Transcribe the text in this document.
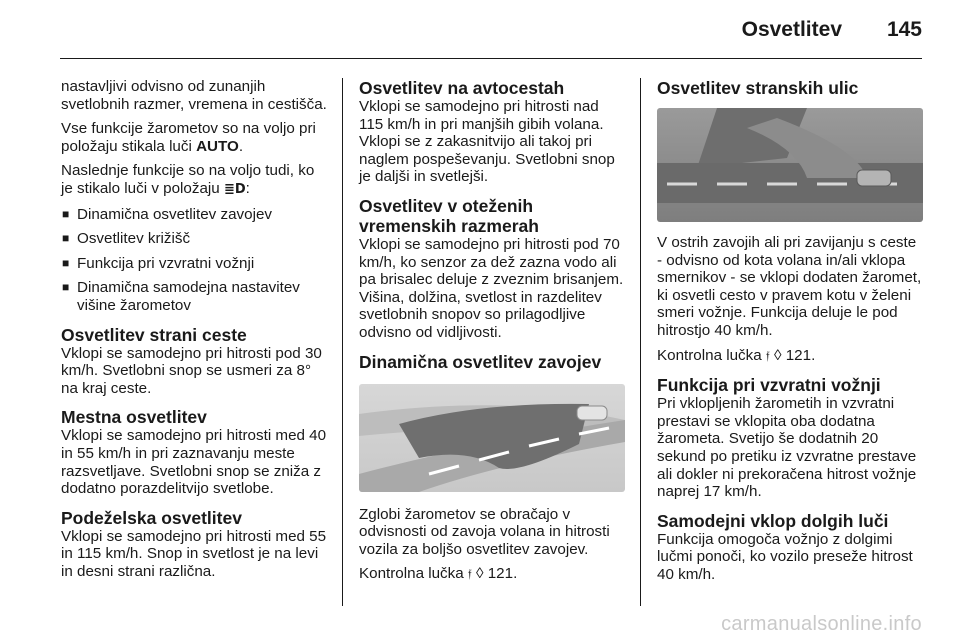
Osvetlitev 145

nastavljivi odvisno od zunanjih svetlobnih razmer, vremena in cestišča.

Vse funkcije žarometov so na voljo pri položaju stikala luči AUTO.

Naslednje funkcije so na voljo tudi, ko je stikalo luči v položaju ≣D:

■ Dinamična osvetlitev zavojev
■ Osvetlitev križišč
■ Funkcija pri vzvratni vožnji
■ Dinamična samodejna nastavitev višine žarometov
Osvetlitev strani ceste

Vklopi se samodejno pri hitrosti pod 30 km/h. Svetlobni snop se usmeri za 8° na kraj ceste.

Mestna osvetlitev

Vklopi se samodejno pri hitrosti med 40 in 55 km/h in pri zaznavanju meste razsvetljave. Svetlobni snop se zniža z dodatno porazdelitvijo svetlobe.

Podeželska osvetlitev

Vklopi se samodejno pri hitrosti med 55 in 115 km/h. Snop in svetlost je na levi in desni strani različna.

Osvetlitev na avtocestah

Vklopi se samodejno pri hitrosti nad 115 km/h in pri manjših gibih volana. Vklopi se z zakasnitvijo ali takoj pri naglem pospeševanju. Svetlobni snop je daljši in svetlejši.

Osvetlitev v oteženih vremenskih razmerah

Vklopi se samodejno pri hitrosti pod 70 km/h, ko senzor za dež zazna vodo ali pa brisalec deluje z zveznim brisanjem. Višina, dolžina, svetlost in razdelitev svetlobnih snopov so prilagodljive odvisno od vidljivosti.

Dinamična osvetlitev zavojev

Zglobi žarometov se obračajo v odvisnosti od zavoja volana in hitrosti vozila za boljšo osvetlitev zavojev.

Kontrolna lučka 𝔣 ◊ 121.

Osvetlitev stranskih ulic

V ostrih zavojih ali pri zavijanju s ceste - odvisno od kota volana in/ali vklopa smernikov - se vklopi dodaten žaromet, ki osvetli cesto v pravem kotu v želeni smeri vožnje. Funkcija deluje le pod hitrostjo 40 km/h.

Kontrolna lučka 𝔣 ◊ 121.

Funkcija pri vzvratni vožnji

Pri vklopljenih žarometih in vzvratni prestavi se vklopita oba dodatna žarometa. Svetijo še dodatnih 20 sekund po pretiku iz vzvratne prestave ali dokler ni prekoračena hitrost vožnje naprej 17 km/h.

Samodejni vklop dolgih luči

Funkcija omogoča vožnjo z dolgimi lučmi ponoči, ko vozilo preseže hitrost 40 km/h.

carmanualsonline.info
